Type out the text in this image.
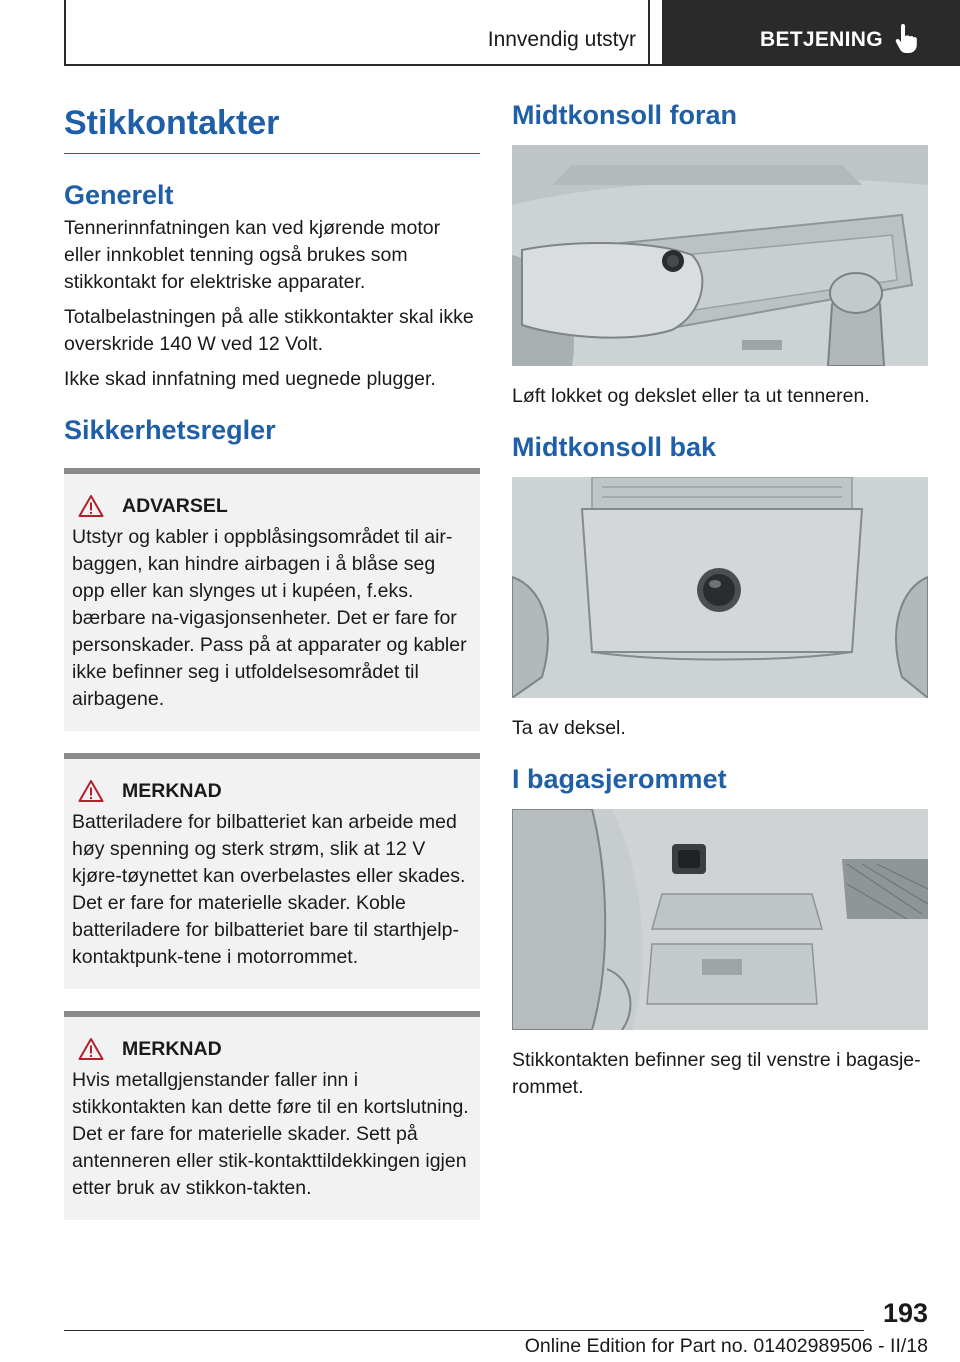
Innvendig utstyr	BETJENING
Stikkontakter
Generelt

Tennerinnfatningen kan ved kjørende motor eller innkoblet tenning også brukes som stikkontakt for elektriske apparater.

Totalbelastningen på alle stikkontakter skal ikke overskride 140 W ved 12 Volt.

Ikke skad innfatning med uegnede plugger.

Sikkerhetsregler
ADVARSEL
Utstyr og kabler i oppblåsingsområdet til air-baggen, kan hindre airbagen i å blåse seg opp eller kan slynges ut i kupéen, f.eks. bærbare na-vigasjonsenheter. Det er fare for personskader. Pass på at apparater og kabler ikke befinner seg i utfoldelsesområdet til airbagene.
MERKNAD
Batteriladere for bilbatteriet kan arbeide med høy spenning og sterk strøm, slik at 12 V kjøre-tøynettet kan overbelastes eller skades. Det er fare for materielle skader. Koble batteriladere for bilbatteriet bare til starthjelp-kontaktpunk-tene i motorrommet.
MERKNAD
Hvis metallgjenstander faller inn i stikkontakten kan dette føre til en kortslutning. Det er fare for materielle skader. Sett på antenneren eller stik-kontakttildekkingen igjen etter bruk av stikkon-takten.
Midtkonsoll foran
Løft lokket og dekslet eller ta ut tenneren.
Midtkonsoll bak
Ta av deksel.
I bagasjerommet
Stikkontakten befinner seg til venstre i bagasje-rommet.
193
Online Edition for Part no. 01402989506 - II/18
